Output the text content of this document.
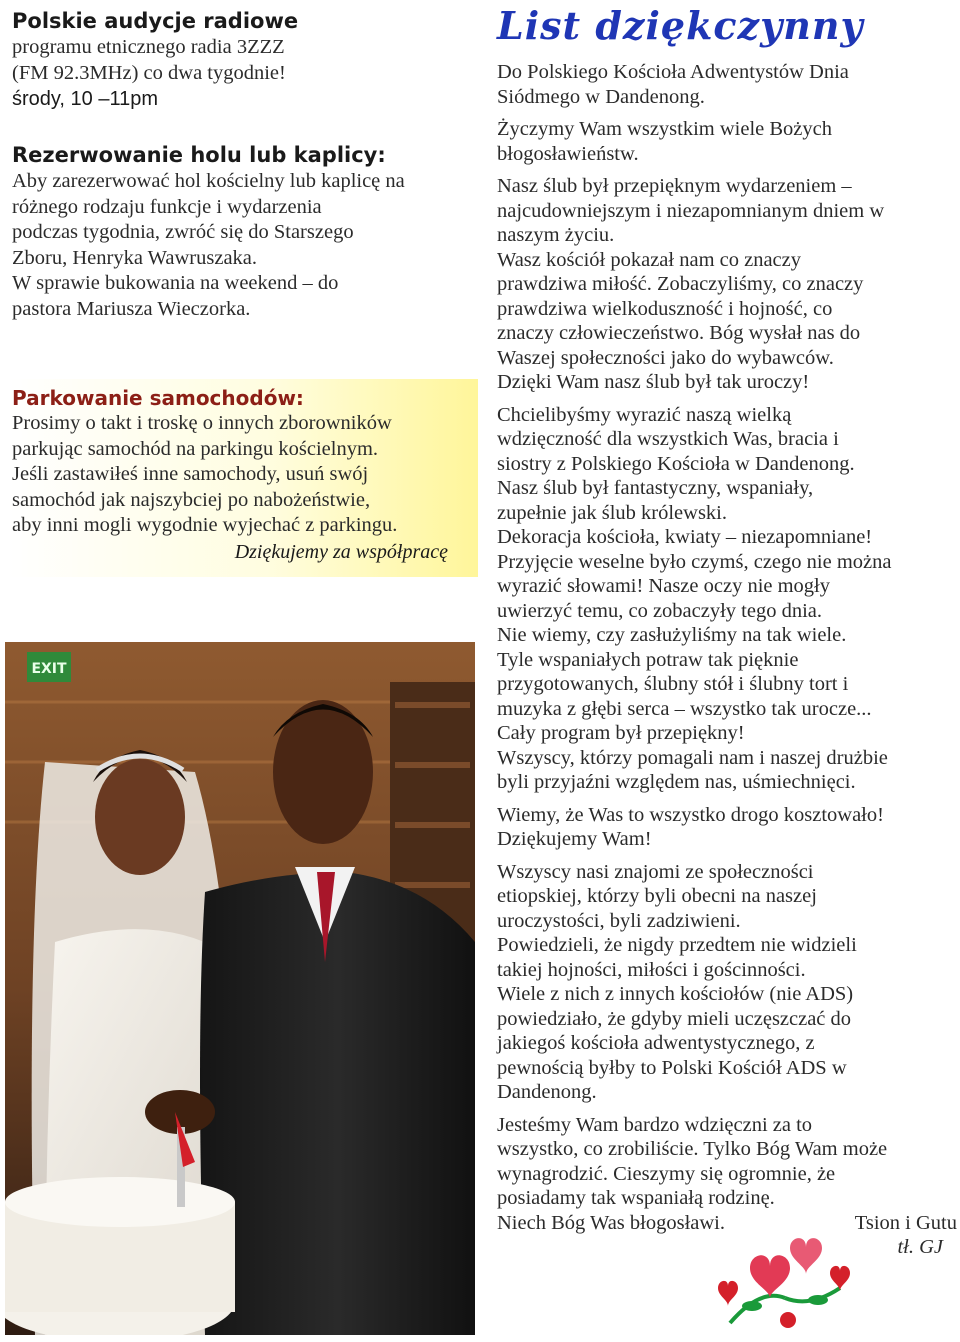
Polskie audycje radiowe

programu etnicznego radia 3ZZZ

(FM 92.3MHz) co dwa tygodnie!

środy, 10 –11pm

Rezerwowanie holu lub kaplicy:

Aby zarezerwować hol kościelny lub kaplicę na

różnego rodzaju funkcje i wydarzenia

podczas tygodnia, zwróć się do Starszego

Zboru, Henryka Wawruszaka.

W sprawie bukowania na weekend – do

pastora Mariusza Wieczorka.

Parkowanie samochodów:

Prosimy o takt i troskę o innych zborowników

parkując samochód na parkingu kościelnym.

Jeśli zastawiłeś inne samochody, usuń swój

samochód jak najszybciej po nabożeństwie,

aby inni mogli wygodnie wyjechać z parkingu.

Dziękujemy za współpracę

EXIT
List dziękczynny

Do Polskiego Kościoła Adwentystów Dnia

Siódmego w Dandenong.

Życzymy Wam wszystkim wiele Bożych

błogosławieństw.

Nasz ślub był przepięknym wydarzeniem –

najcudowniejszym i niezapomnianym dniem w

naszym życiu.

Wasz kościół pokazał nam co znaczy

prawdziwa miłość. Zobaczyliśmy, co znaczy

prawdziwa wielkoduszność i hojność, co

znaczy człowieczeństwo. Bóg wysłał nas do

Waszej społeczności jako do wybawców.

Dzięki Wam nasz ślub był tak uroczy!

Chcielibyśmy wyrazić naszą wielką

wdzięczność dla wszystkich Was, bracia i

siostry z Polskiego Kościoła w Dandenong.

Nasz ślub był fantastyczny, wspaniały,

zupełnie jak ślub królewski.

Dekoracja kościoła, kwiaty – niezapomniane!

Przyjęcie weselne było czymś, czego nie można

wyrazić słowami! Nasze oczy nie mogły

uwierzyć temu, co zobaczyły tego dnia.

Nie wiemy, czy zasłużyliśmy na tak wiele.

Tyle wspaniałych potraw tak pięknie

przygotowanych, ślubny stół i ślubny tort i

muzyka z głębi serca – wszystko tak urocze...

Cały program był przepiękny!

Wszyscy, którzy pomagali nam i naszej drużbie

byli przyjaźni względem nas, uśmiechnięci.

Wiemy, że Was to wszystko drogo kosztowało!

Dziękujemy Wam!

Wszyscy nasi znajomi ze społeczności

etiopskiej, którzy byli obecni na naszej

uroczystości, byli zadziwieni.

Powiedzieli, że nigdy przedtem nie widzieli

takiej hojności, miłości i gościnności.

Wiele z nich z innych kościołów (nie ADS)

powiedziało, że gdyby mieli uczęszczać do

jakiegoś kościoła adwentystycznego, z

pewnością byłby to Polski Kościół ADS w

Dandenong.

Jesteśmy Wam bardzo wdzięczni za to

wszystko, co zrobiliście. Tylko Bóg Wam może

wynagrodzić. Cieszymy się ogromnie, że

posiadamy tak wspaniałą rodzinę.

Niech Bóg Was błogosławi.	Tsion i Gutu

tł. GJ
